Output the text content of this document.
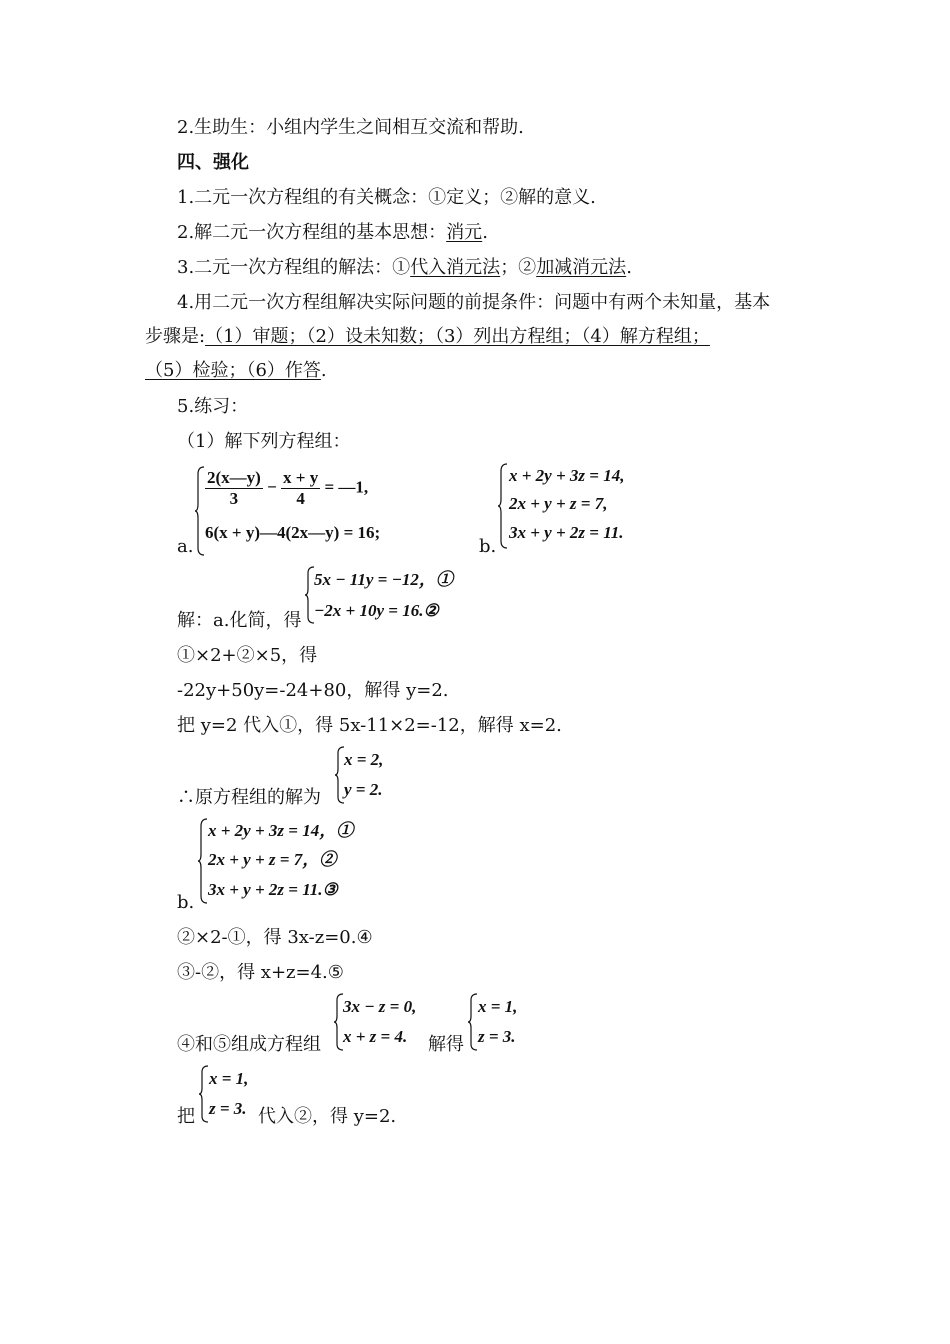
2.生助生：小组内学生之间相互交流和帮助.
四、强化
1.二元一次方程组的有关概念：①定义；②解的意义.
2.解二元一次方程组的基本思想：消元.
3.二元一次方程组的解法：①代入消元法；②加减消元法.
4.用二元一次方程组解决实际问题的前提条件：问题中有两个未知量，基本
步骤是:（1）审题；（2）设未知数；（3）列出方程组；（4）解方程组；
（5）检验；（6）作答.
5.练习：
（1）解下列方程组：
a.
$\frac{2(x—y)}{3} - \frac{x + y}{4}$ = —1,
6(x + y)—4(2x—y) = 16;
b.
x + 2y + 3z = 14,
2x + y + z = 7,
3x + y + 2z = 11.
解：a.化简，得
5x − 11y = −12，①
−2x + 10y = 16.②
①×2+②×5，得
-22y+50y=-24+80，解得 y=2.
把 y=2 代入①，得 5x-11×2=-12，解得 x=2.
∴原方程组的解为
x = 2,
y = 2.
b.
x + 2y + 3z = 14，①
2x + y + z = 7，②
3x + y + 2z = 11.③
②×2-①，得 3x-z=0.④
③-②，得 x+z=4.⑤
④和⑤组成方程组
3x − z = 0,
x + z = 4. 解得
x = 1,
z = 3.
把
x = 1,
z = 3. 代入②，得 y=2.
